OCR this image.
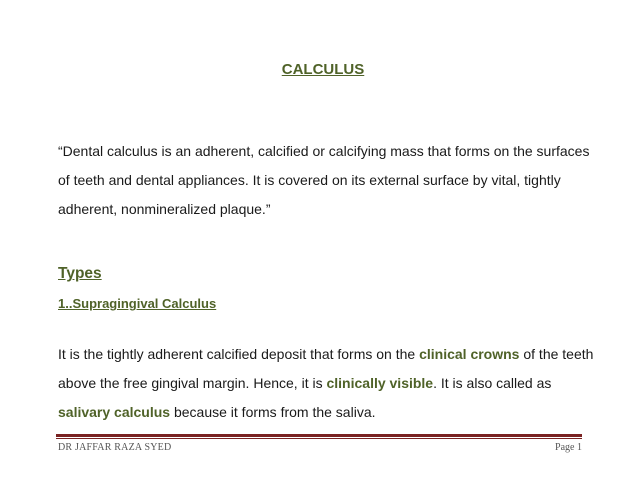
CALCULUS
“Dental calculus is an adherent, calcified or calcifying mass that forms on the surfaces of teeth and dental appliances. It is covered on its external surface by vital, tightly adherent, nonmineralized plaque.”
Types
1..Supragingival Calculus
It is the tightly adherent calcified deposit that forms on the clinical crowns of the teeth above the free gingival margin. Hence, it is clinically visible. It is also called as salivary calculus because it forms from the saliva.
DR JAFFAR RAZA SYED	Page 1
